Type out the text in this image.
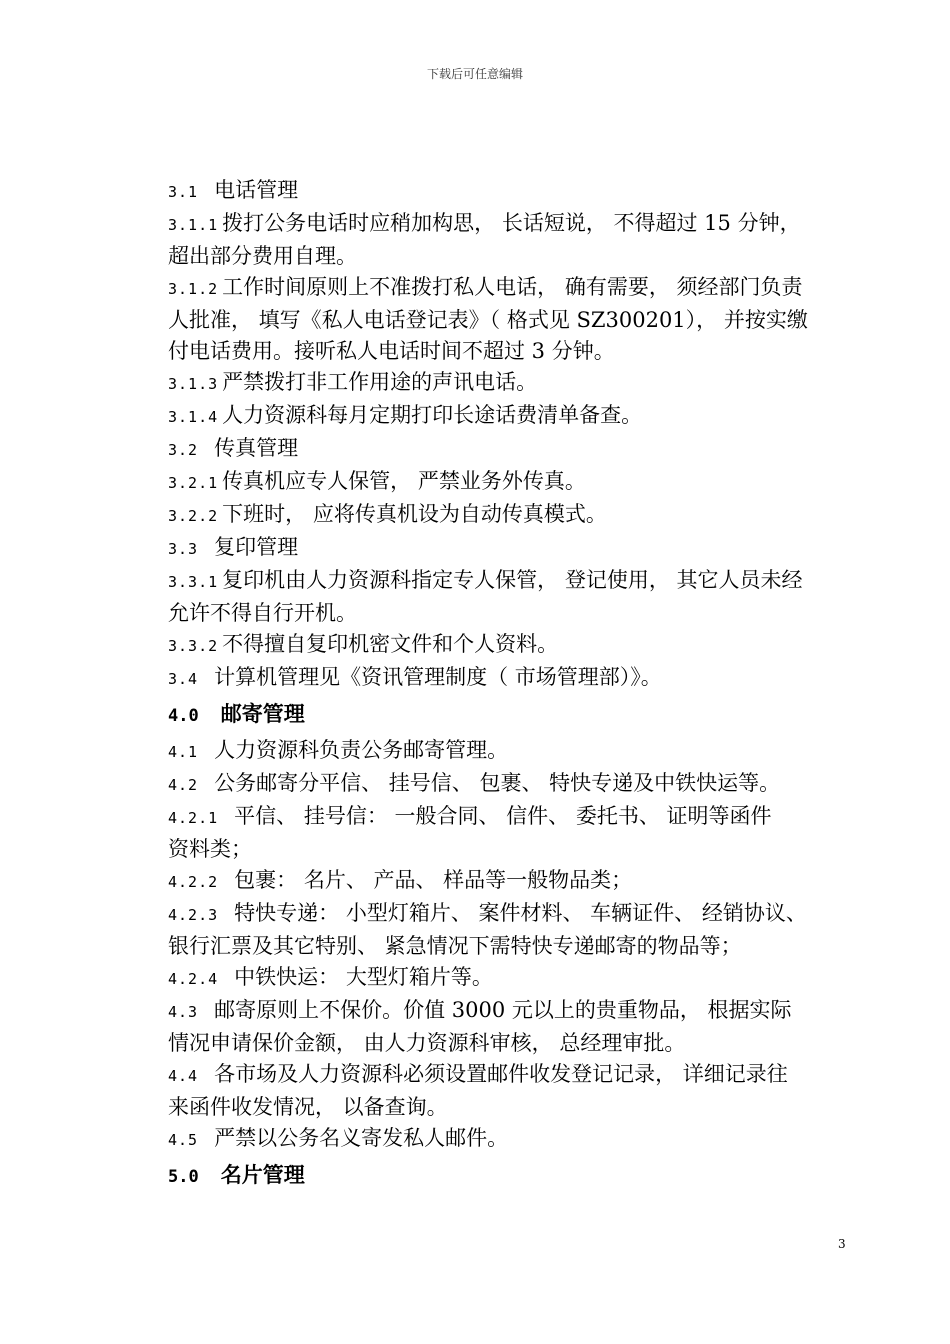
下载后可任意编辑
3.1 电话管理
3.1.1 拨打公务电话时应稍加构思， 长话短说， 不得超过 15 分钟，
超出部分费用自理。
3.1.2 工作时间原则上不准拨打私人电话， 确有需要， 须经部门负责
人批准， 填写《私人电话登记表》（ 格式见 SZ300201）， 并按实缴
付电话费用。接听私人电话时间不超过 3 分钟。
3.1.3 严禁拨打非工作用途的声讯电话。
3.1.4 人力资源科每月定期打印长途话费清单备查。
3.2 传真管理
3.2.1 传真机应专人保管， 严禁业务外传真。
3.2.2 下班时， 应将传真机设为自动传真模式。
3.3 复印管理
3.3.1 复印机由人力资源科指定专人保管， 登记使用， 其它人员未经
允许不得自行开机。
3.3.2 不得擅自复印机密文件和个人资料。
3.4 计算机管理见《资讯管理制度（ 市场管理部）》。
4.0 邮寄管理
4.1 人力资源科负责公务邮寄管理。
4.2 公务邮寄分平信、 挂号信、 包裹、 特快专递及中铁快运等。
4.2.1 平信、 挂号信： 一般合同、 信件、 委托书、 证明等函件
资料类；
4.2.2 包裹： 名片、 产品、 样品等一般物品类；
4.2.3 特快专递： 小型灯箱片、 案件材料、 车辆证件、 经销协议、
银行汇票及其它特别、 紧急情况下需特快专递邮寄的物品等；
4.2.4 中铁快运： 大型灯箱片等。
4.3 邮寄原则上不保价。价值 3000 元以上的贵重物品， 根据实际
情况申请保价金额， 由人力资源科审核， 总经理审批。
4.4 各市场及人力资源科必须设置邮件收发登记记录， 详细记录往
来函件收发情况， 以备查询。
4.5 严禁以公务名义寄发私人邮件。
5.0 名片管理
3
